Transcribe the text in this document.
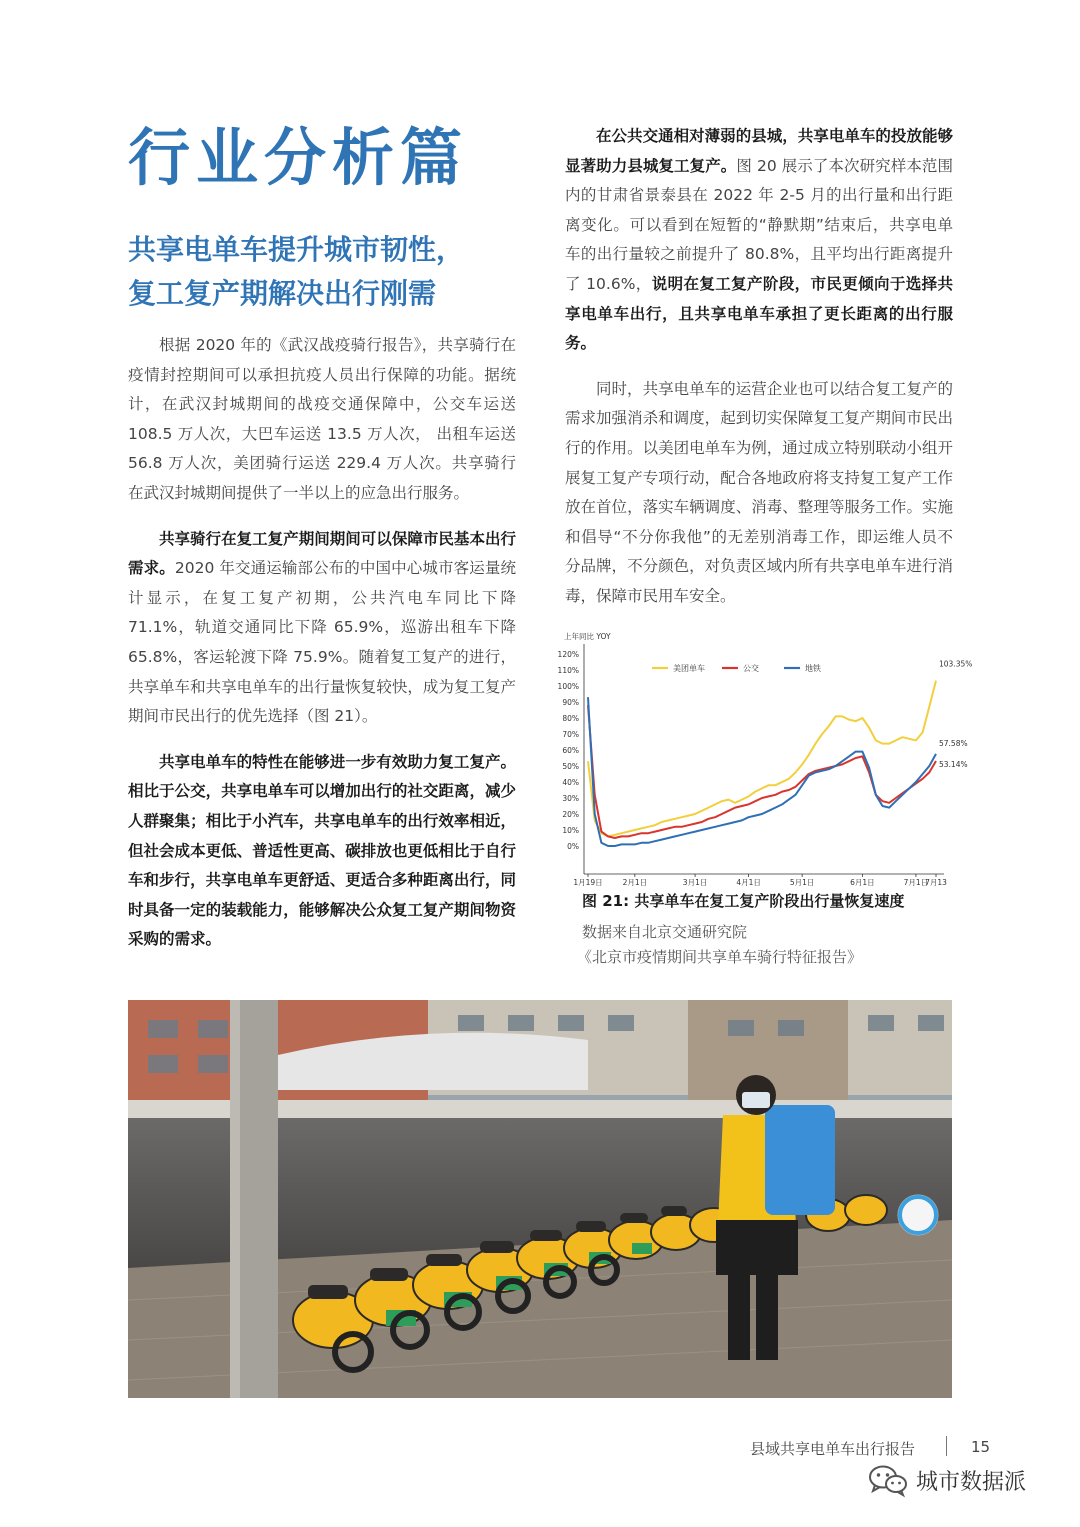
行业分析篇
共享电单车提升城市韧性，
复工复产期解决出行刚需

根据 2020 年的《武汉战疫骑行报告》，共享骑行在疫情封控期间可以承担抗疫人员出行保障的功能。据统计，在武汉封城期间的战疫交通保障中，公交车运送 108.5 万人次，大巴车运送 13.5 万人次， 出租车运送 56.8 万人次，美团骑行运送 229.4 万人次。共享骑行在武汉封城期间提供了一半以上的应急出行服务。

共享骑行在复工复产期间期间可以保障市民基本出行需求。2020 年交通运输部公布的中国中心城市客运量统计显示，在复工复产初期，公共汽电车同比下降 71.1%，轨道交通同比下降 65.9%，巡游出租车下降 65.8%，客运轮渡下降 75.9%。随着复工复产的进行，共享单车和共享电单车的出行量恢复较快，成为复工复产期间市民出行的优先选择（图 21）。

共享电单车的特性在能够进一步有效助力复工复产。相比于公交，共享电单车可以增加出行的社交距离，减少人群聚集；相比于小汽车，共享电单车的出行效率相近，但社会成本更低、普适性更高、碳排放也更低相比于自行车和步行，共享电单车更舒适、更适合多种距离出行，同时具备一定的装载能力，能够解决公众复工复产期间物资采购的需求。

在公共交通相对薄弱的县城，共享电单车的投放能够显著助力县城复工复产。图 20 展示了本次研究样本范围内的甘肃省景泰县在 2022 年 2-5 月的出行量和出行距离变化。可以看到在短暂的“静默期”结束后，共享电单车的出行量较之前提升了 80.8%，且平均出行距离提升了 10.6%，说明在复工复产阶段，市民更倾向于选择共享电单车出行，且共享电单车承担了更长距离的出行服务。

同时，共享电单车的运营企业也可以结合复工复产的需求加强消杀和调度，起到切实保障复工复产期间市民出行的作用。以美团电单车为例，通过成立特别联动小组开展复工复产专项行动，配合各地政府将支持复工复产工作放在首位，落实车辆调度、消毒、整理等服务工作。实施和倡导“不分你我他”的无差别消毒工作，即运维人员不分品牌，不分颜色，对负责区域内所有共享电单车进行消毒，保障市民用车安全。

上年同比 YOY
120%
110%
100%
90%
80%
70%
60%
50%
40%
30%
20%
10%
0%
1月19日	2月1日	3月1日	4月1日	5月1日	6月1日	7月1日
7月13
美团单车	公交	地铁	103.35%
57.58%
53.14%
图 21: 共享单车在复工复产阶段出行量恢复速度
数据来自北京交通研究院
《北京市疫情期间共享单车骑行特征报告》
县域共享电单车出行报告	15
城市数据派
